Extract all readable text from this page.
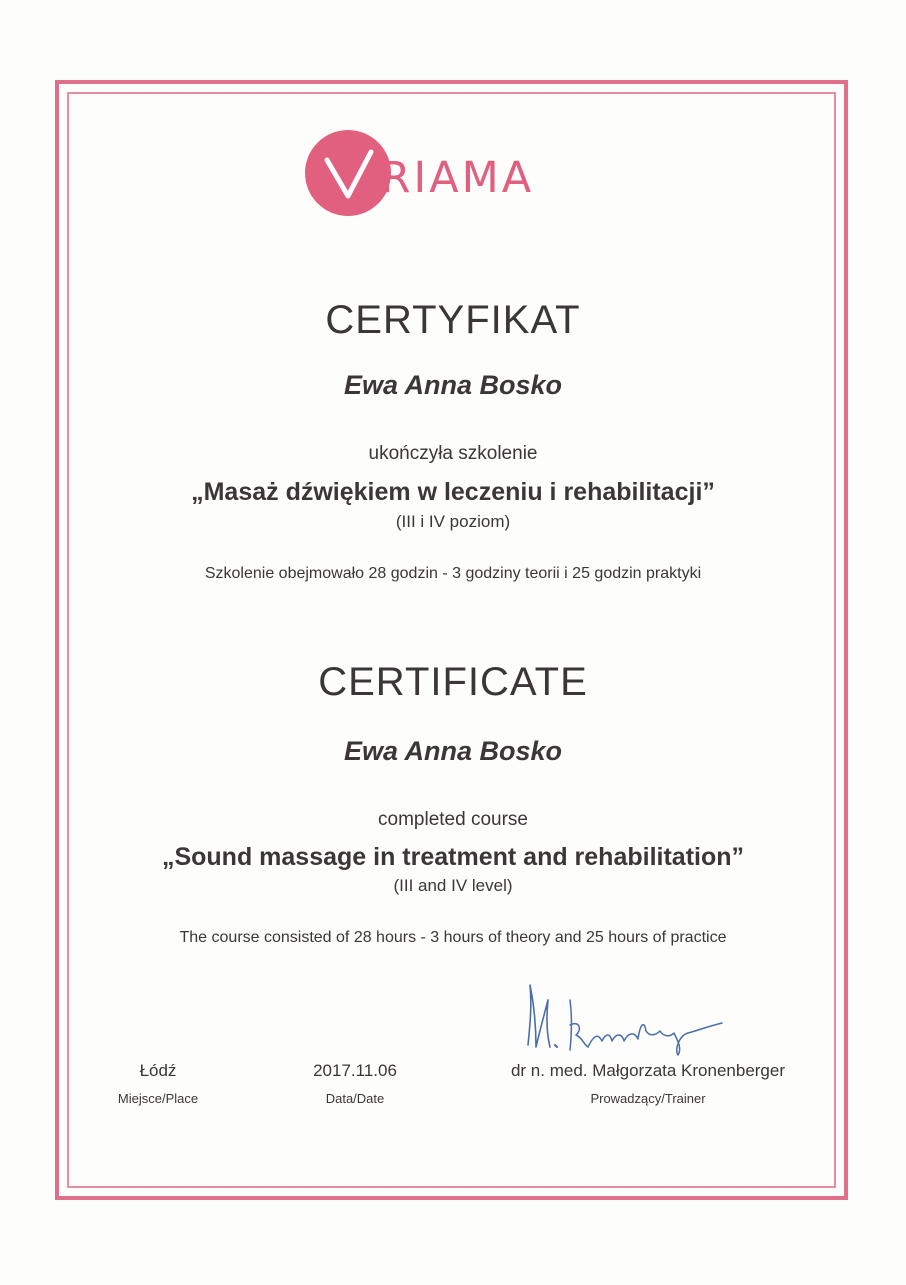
IRIAMA
CERTYFIKAT
Ewa Anna Bosko
ukończyła szkolenie
„Masaż dźwiękiem w leczeniu i rehabilitacji”
(III i IV poziom)
Szkolenie obejmowało 28 godzin - 3 godziny teorii i 25 godzin praktyki
CERTIFICATE
Ewa Anna Bosko
completed course
„Sound massage in treatment and rehabilitation”
(III and IV level)
The course consisted of 28 hours - 3 hours of theory and 25 hours of practice
Łódź
Miejsce/Place
2017.11.06
Data/Date
dr n. med. Małgorzata Kronenberger
Prowadzący/Trainer
